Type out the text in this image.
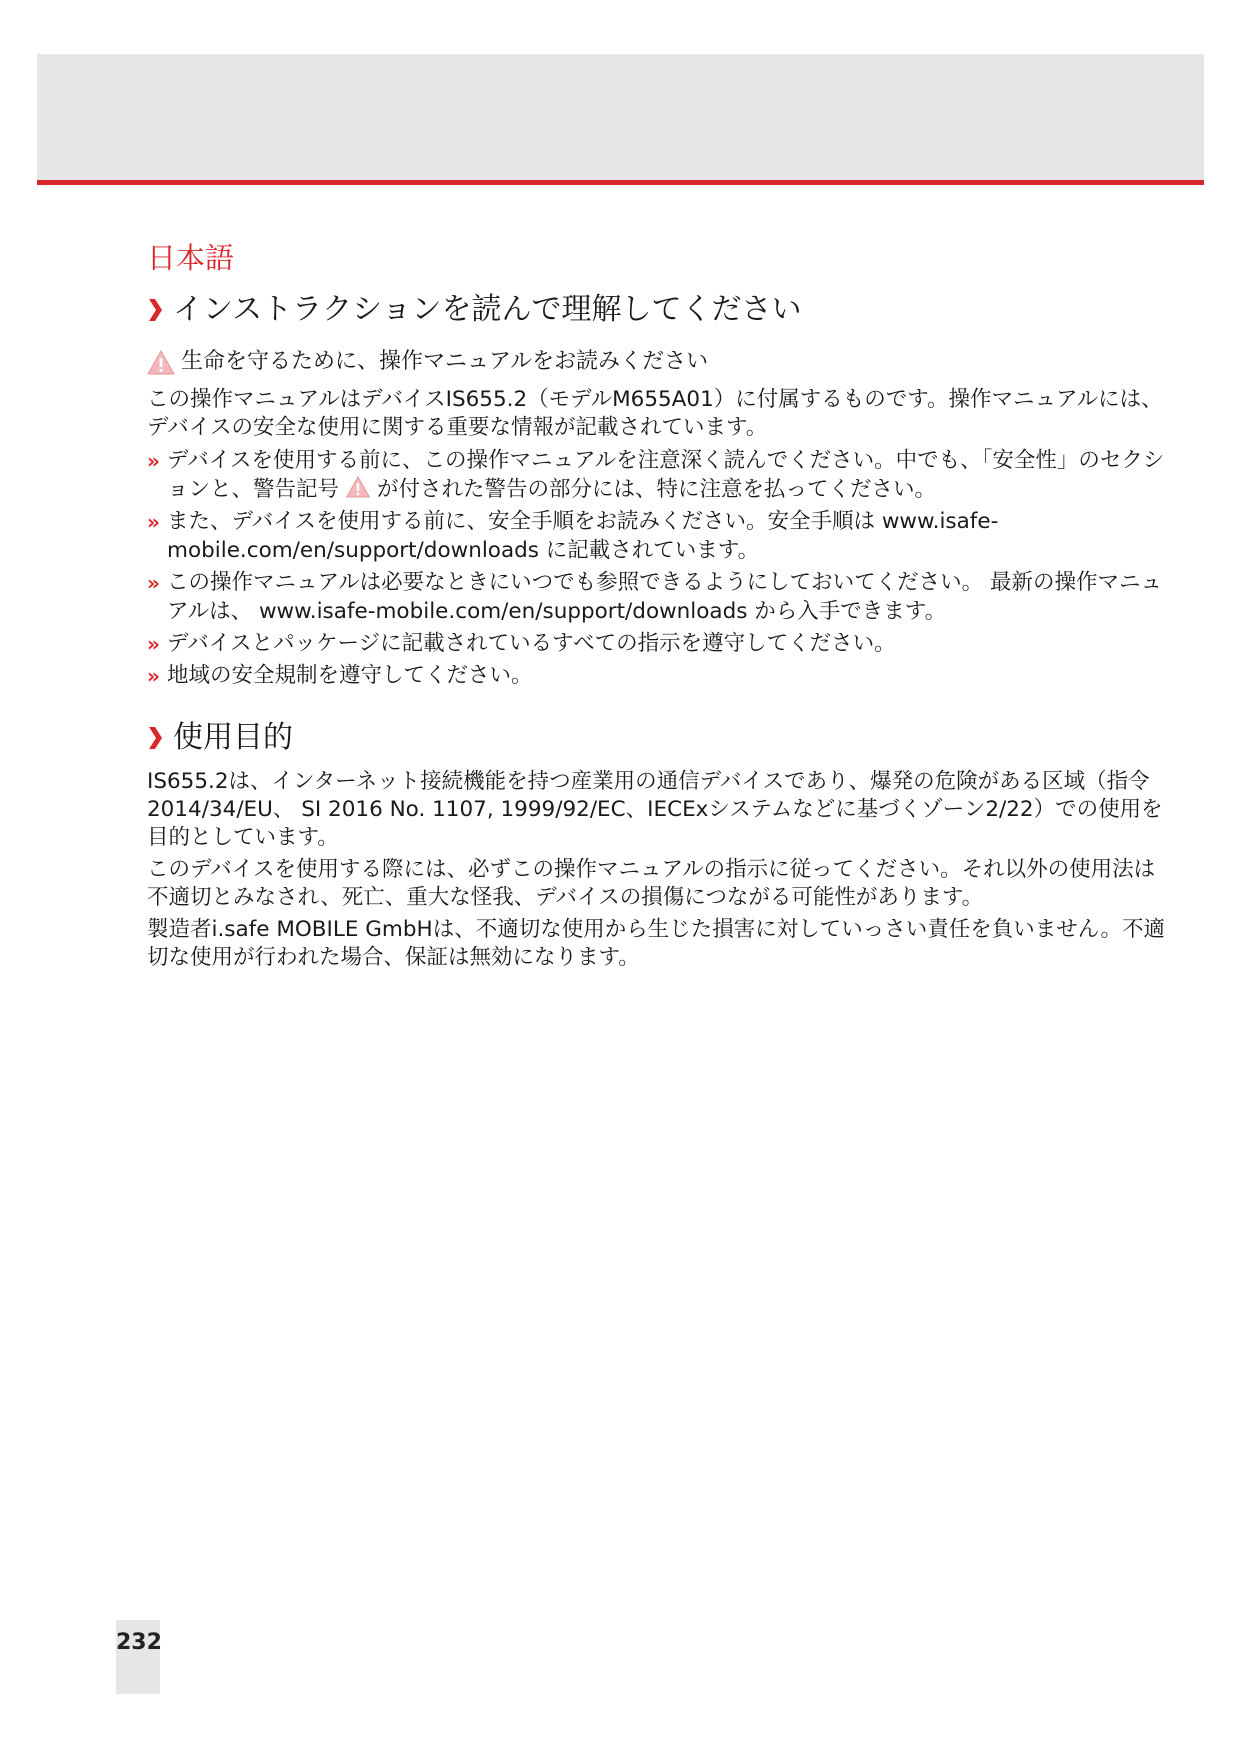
日本語
インストラクションを読んで理解してください
生命を守るために、操作マニュアルをお読みください

この操作マニュアルはデバイスIS655.2（モデルM655A01）に付属するものです。操作マニュアルには、デバイスの安全な使用に関する重要な情報が記載されています。

» デバイスを使用する前に、この操作マニュアルを注意深く読んでください。中でも、「安全性」のセクションと、警告記号 が付された警告の部分には、特に注意を払ってください。
» また、デバイスを使用する前に、安全手順をお読みください。安全手順は www.isafe-mobile.com/en/support/downloads に記載されています。
» この操作マニュアルは必要なときにいつでも参照できるようにしておいてください。 最新の操作マニュアルは、 www.isafe-mobile.com/en/support/downloads から入手できます。
» デバイスとパッケージに記載されているすべての指示を遵守してください。
» 地域の安全規制を遵守してください。
使用目的

IS655.2は、インターネット接続機能を持つ産業用の通信デバイスであり、爆発の危険がある区域（指令2014/34/EU、 SI 2016 No. 1107, 1999/92/EC、IECExシステムなどに基づくゾーン2/22）での使用を目的としています。

このデバイスを使用する際には、必ずこの操作マニュアルの指示に従ってください。それ以外の使用法は不適切とみなされ、死亡、重大な怪我、デバイスの損傷につながる可能性があります。

製造者i.safe MOBILE GmbHは、不適切な使用から生じた損害に対していっさい責任を負いません。不適切な使用が行われた場合、保証は無効になります。

232
